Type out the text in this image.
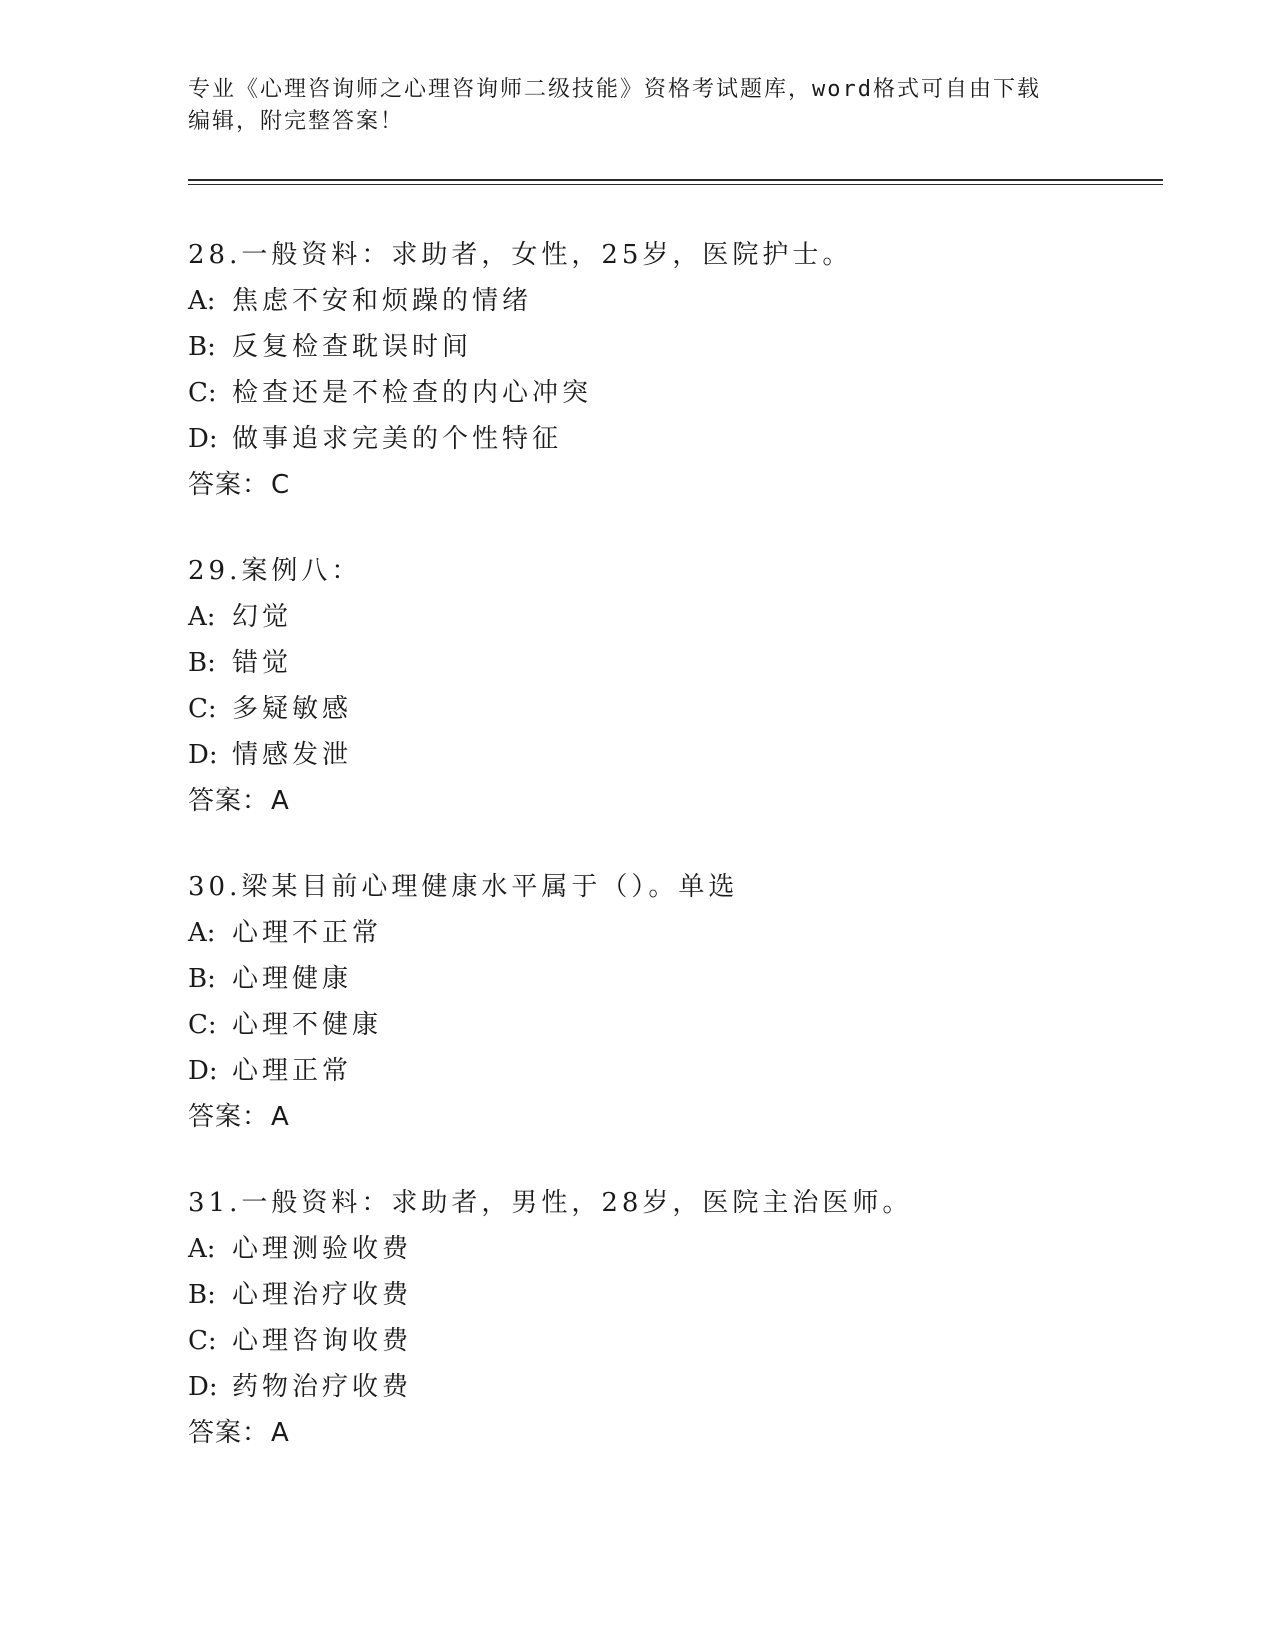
专业《心理咨询师之心理咨询师二级技能》资格考试题库，word格式可自由下载
编辑，附完整答案！
28.一般资料：求助者，女性，25岁，医院护士。
A: 焦虑不安和烦躁的情绪
B: 反复检查耽误时间
C: 检查还是不检查的内心冲突
D: 做事追求完美的个性特征
答案：C
29.案例八：
A: 幻觉
B: 错觉
C: 多疑敏感
D: 情感发泄
答案：A
30.梁某目前心理健康水平属于（）。单选
A: 心理不正常
B: 心理健康
C: 心理不健康
D: 心理正常
答案：A
31.一般资料：求助者，男性，28岁，医院主治医师。
A: 心理测验收费
B: 心理治疗收费
C: 心理咨询收费
D: 药物治疗收费
答案：A
